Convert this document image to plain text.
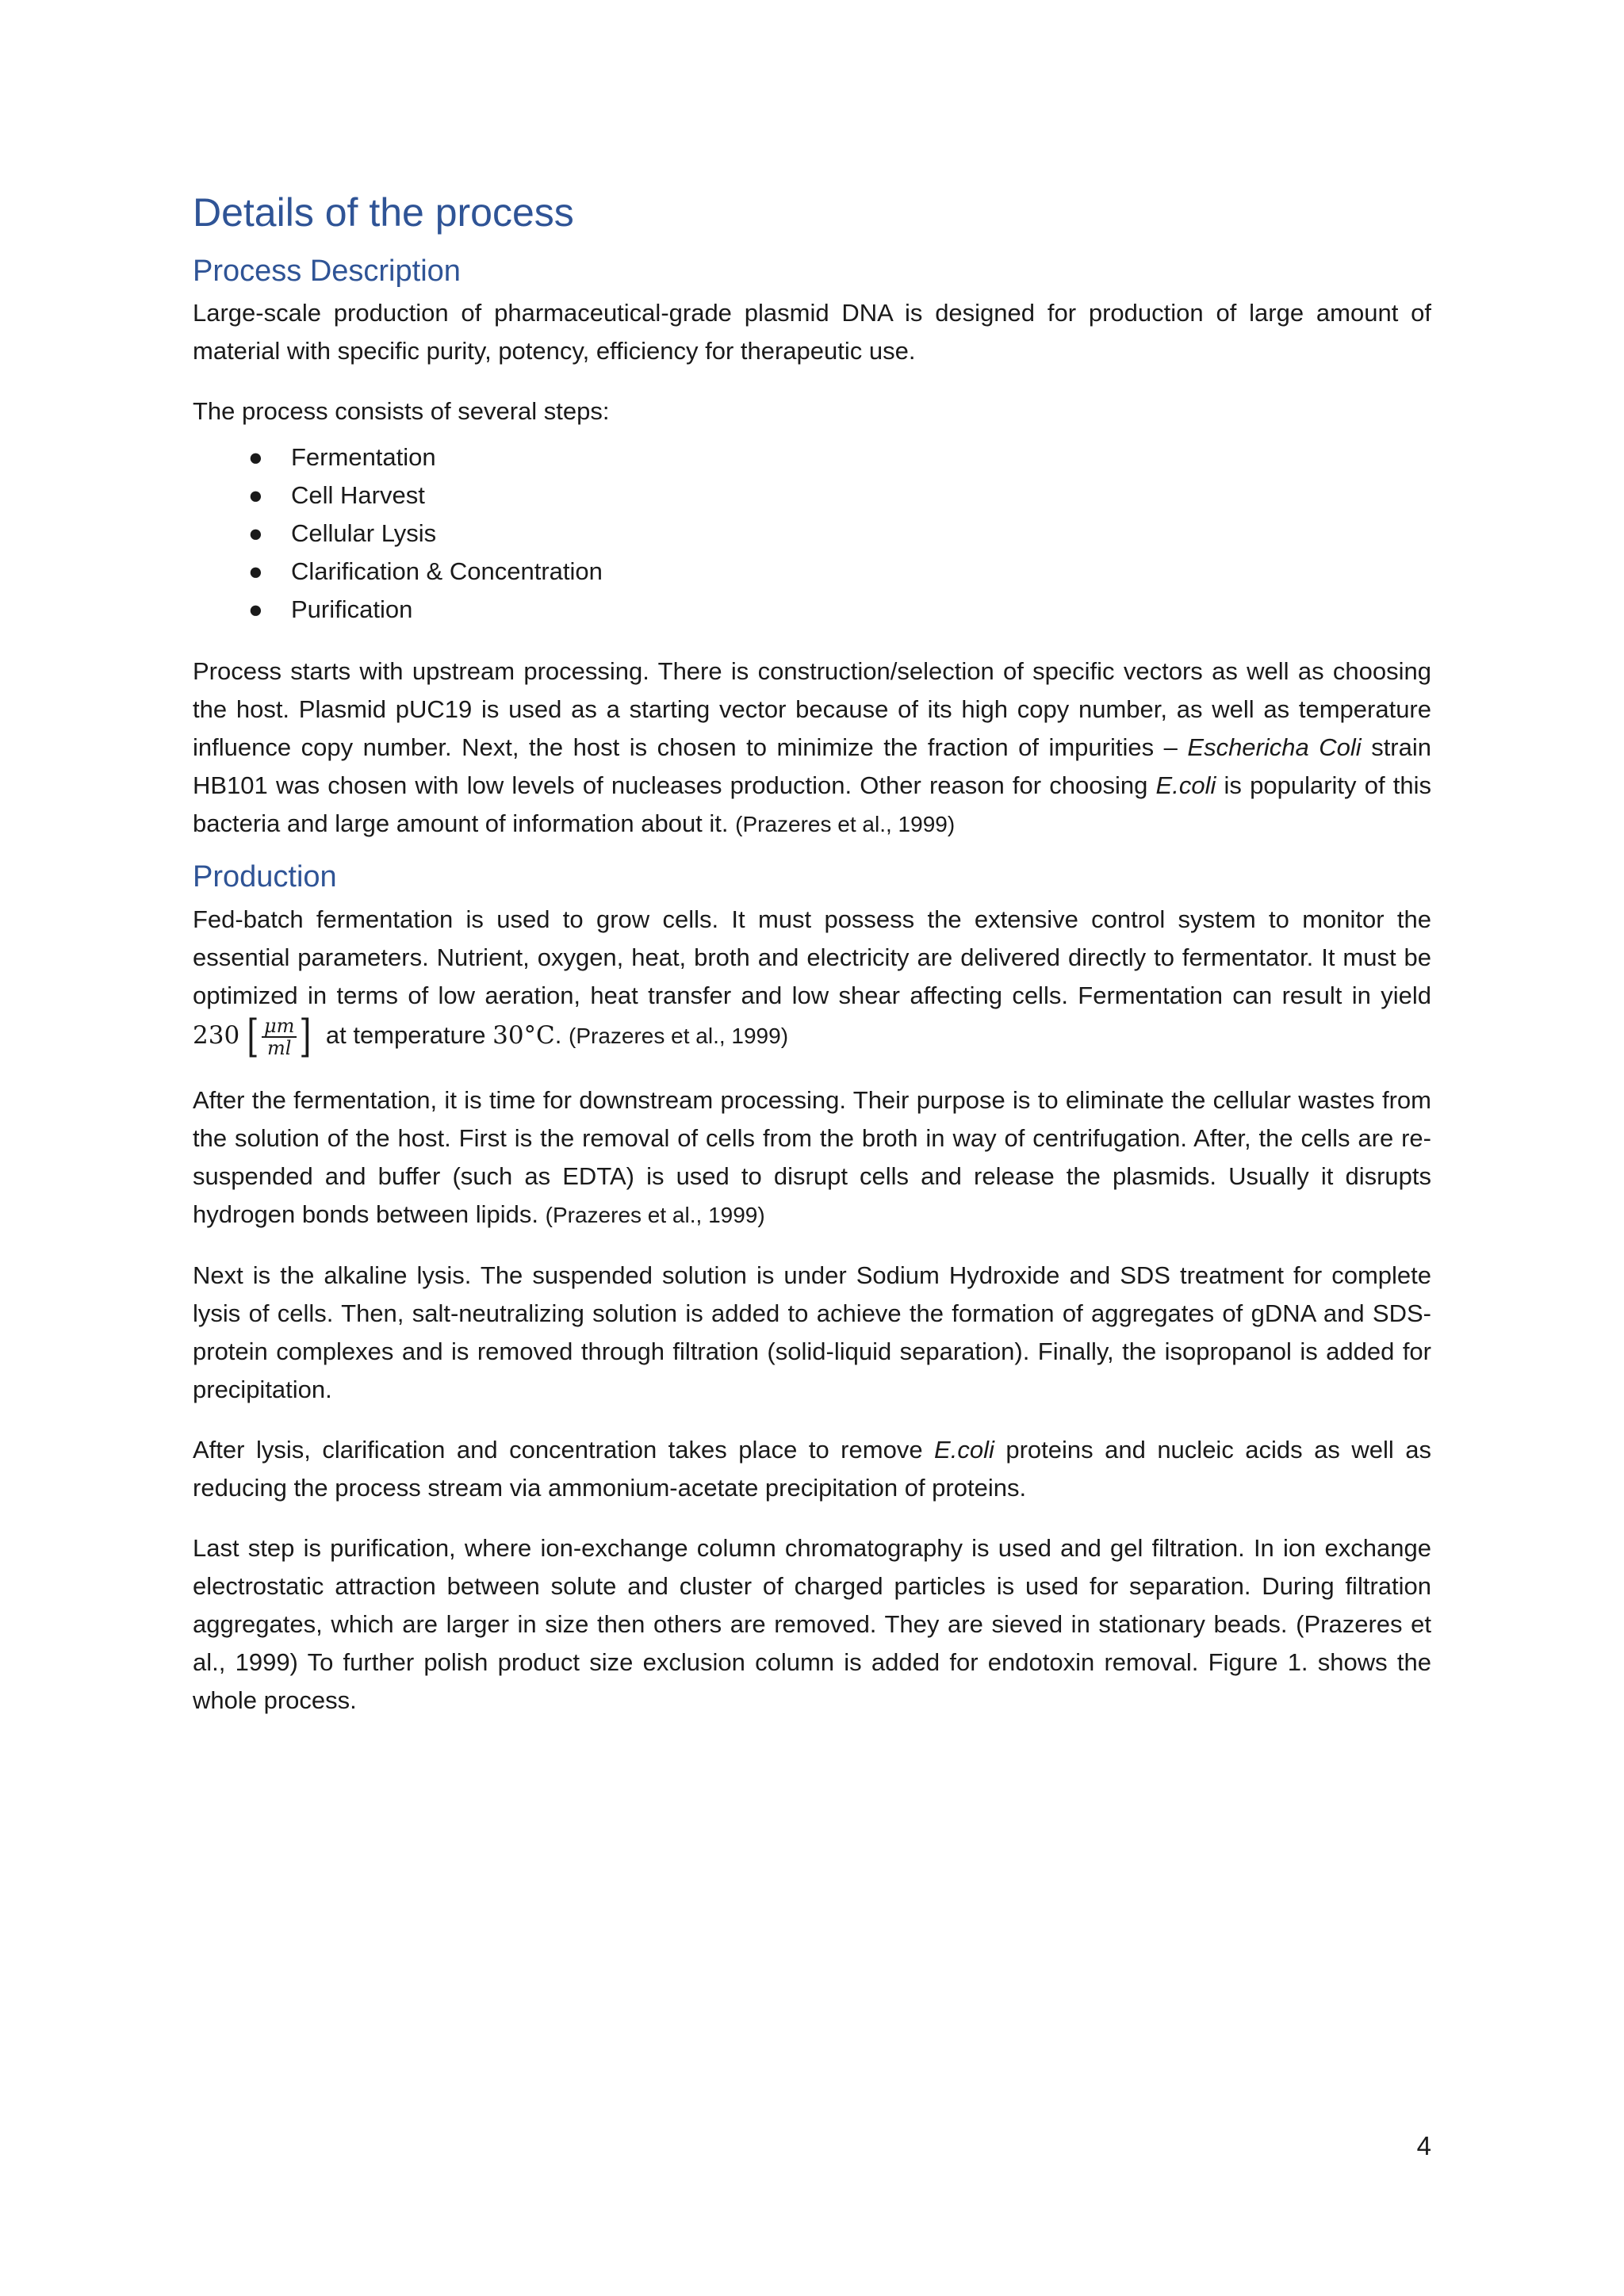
Details of the process
Process Description

Large-scale production of pharmaceutical-grade plasmid DNA is designed for production of large amount of material with specific purity, potency, efficiency for therapeutic use.

The process consists of several steps:

● Fermentation
● Cell Harvest
● Cellular Lysis
● Clarification & Concentration
● Purification

Process starts with upstream processing. There is construction/selection of specific vectors as well as choosing the host. Plasmid pUC19 is used as a starting vector because of its high copy number, as well as temperature influence copy number. Next, the host is chosen to minimize the fraction of impurities – Eschericha Coli strain HB101 was chosen with low levels of nucleases production. Other reason for choosing E.coli is popularity of this bacteria and large amount of information about it. (Prazeres et al., 1999)

Production

Fed-batch fermentation is used to grow cells. It must possess the extensive control system to monitor the essential parameters. Nutrient, oxygen, heat, broth and electricity are delivered directly to fermentator. It must be optimized in terms of low aeration, heat transfer and low shear affecting cells. Fermentation can result in yield 230 [ $\frac{\mu m}{ml}$ ] at temperature 30°C. (Prazeres et al., 1999)

After the fermentation, it is time for downstream processing. Their purpose is to eliminate the cellular wastes from the solution of the host. First is the removal of cells from the broth in way of centrifugation. After, the cells are re-suspended and buffer (such as EDTA) is used to disrupt cells and release the plasmids. Usually it disrupts hydrogen bonds between lipids. (Prazeres et al., 1999)

Next is the alkaline lysis. The suspended solution is under Sodium Hydroxide and SDS treatment for complete lysis of cells. Then, salt-neutralizing solution is added to achieve the formation of aggregates of gDNA and SDS-protein complexes and is removed through filtration (solid-liquid separation). Finally, the isopropanol is added for precipitation.

After lysis, clarification and concentration takes place to remove E.coli proteins and nucleic acids as well as reducing the process stream via ammonium-acetate precipitation of proteins.

Last step is purification, where ion-exchange column chromatography is used and gel filtration. In ion exchange electrostatic attraction between solute and cluster of charged particles is used for separation. During filtration aggregates, which are larger in size then others are removed. They are sieved in stationary beads. (Prazeres et al., 1999) To further polish product size exclusion column is added for endotoxin removal. Figure 1. shows the whole process.

4
